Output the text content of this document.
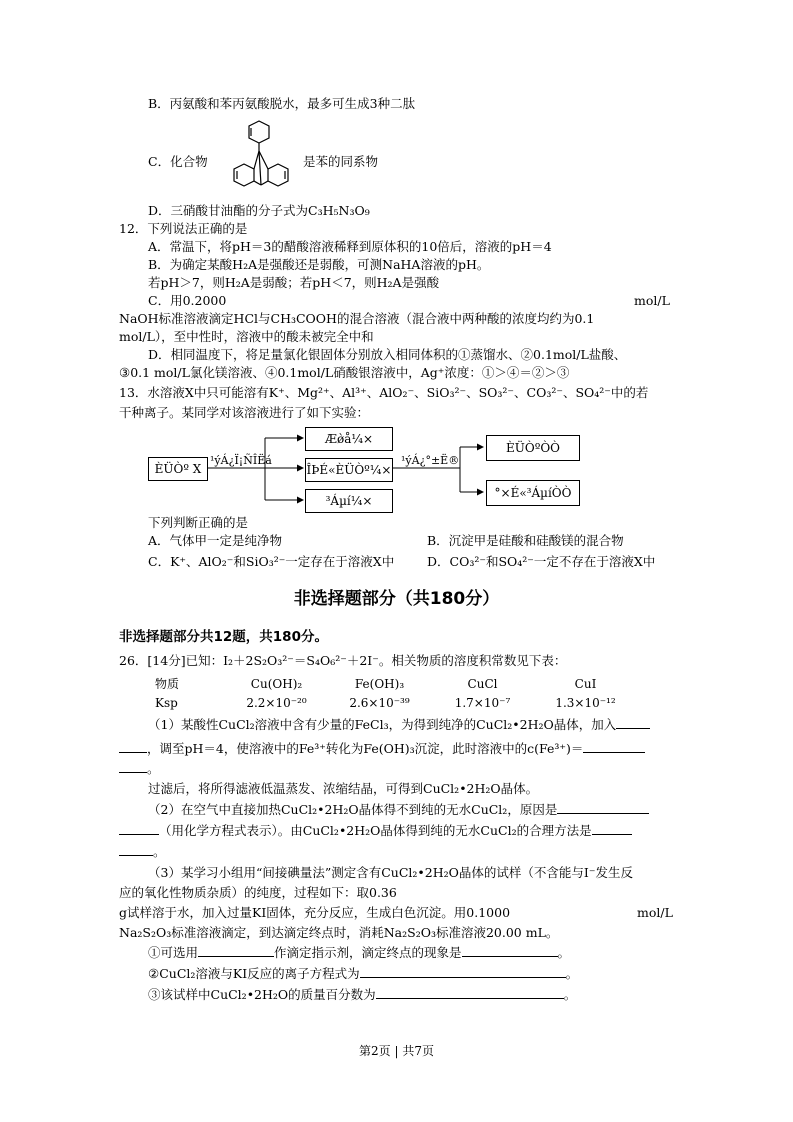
B．丙氨酸和苯丙氨酸脱水，最多可生成3种二肽
C．化合物	是苯的同系物
D．三硝酸甘油酯的分子式为C₃H₅N₃O₉
12．下列说法正确的是
A．常温下，将pH＝3的醋酸溶液稀释到原体积的10倍后，溶液的pH＝4
B．为确定某酸H₂A是强酸还是弱酸，可测NaHA溶液的pH。
若pH＞7，则H₂A是弱酸；若pH＜7，则H₂A是强酸
C．用0.2000	mol/L
NaOH标准溶液滴定HCl与CH₃COOH的混合溶液（混合液中两种酸的浓度均约为0.1
mol/L），至中性时，溶液中的酸未被完全中和
D．相同温度下，将足量氯化银固体分别放入相同体积的①蒸馏水、②0.1mol/L盐酸、
③0.1 mol/L氯化镁溶液、④0.1mol/L硝酸银溶液中，Ag⁺浓度：①＞④＝②＞③
13．水溶液X中只可能溶有K⁺、Mg²⁺、Al³⁺、AlO₂⁻、SiO₃²⁻、SO₃²⁻、CO₃²⁻、SO₄²⁻中的若
干种离子。某同学对该溶液进行了如下实验：
ÈÜÒº X
¹ýÁ¿Ï¡ÑÎËá
Æø̀å¼×
ÎÞÉ«ÈÜÒº¼×
³Áµí¼×
¹ýÁ¿°±Ë®
ÈÜÒºÒÒ
°×É«³ÁµíÒÒ
下列判断正确的是
A．气体甲一定是纯净物	B．沉淀甲是硅酸和硅酸镁的混合物
C．K⁺、AlO₂⁻和SiO₃²⁻一定存在于溶液X中	D．CO₃²⁻和SO₄²⁻一定不存在于溶液X中
非选择题部分（共180分）
非选择题部分共12题，共180分。
26．[14分]已知：I₂＋2S₂O₃²⁻＝S₄O₆²⁻＋2I⁻。相关物质的溶度积常数见下表：
物质	Cu(OH)₂	Fe(OH)₃	CuCl	CuI
Ksp	2.2×10⁻²⁰	2.6×10⁻³⁹	1.7×10⁻⁷	1.3×10⁻¹²
（1）某酸性CuCl₂溶液中含有少量的FeCl₃，为得到纯净的CuCl₂•2H₂O晶体，加入
，调至pH＝4，使溶液中的Fe³⁺转化为Fe(OH)₃沉淀，此时溶液中的c(Fe³⁺)＝
。
过滤后，将所得滤液低温蒸发、浓缩结晶，可得到CuCl₂•2H₂O晶体。
（2）在空气中直接加热CuCl₂•2H₂O晶体得不到纯的无水CuCl₂，原因是
（用化学方程式表示）。由CuCl₂•2H₂O晶体得到纯的无水CuCl₂的合理方法是
。
（3）某学习小组用“间接碘量法”测定含有CuCl₂•2H₂O晶体的试样（不含能与I⁻发生反
应的氧化性物质杂质）的纯度，过程如下：取0.36
g试样溶于水，加入过量KI固体，充分反应，生成白色沉淀。用0.1000	mol/L
Na₂S₂O₃标准溶液滴定，到达滴定终点时，消耗Na₂S₂O₃标准溶液20.00 mL。
①可选用	作滴定指示剂，滴定终点的现象是	。
②CuCl₂溶液与KI反应的离子方程式为	。
③该试样中CuCl₂•2H₂O的质量百分数为	。
第2页 | 共7页
